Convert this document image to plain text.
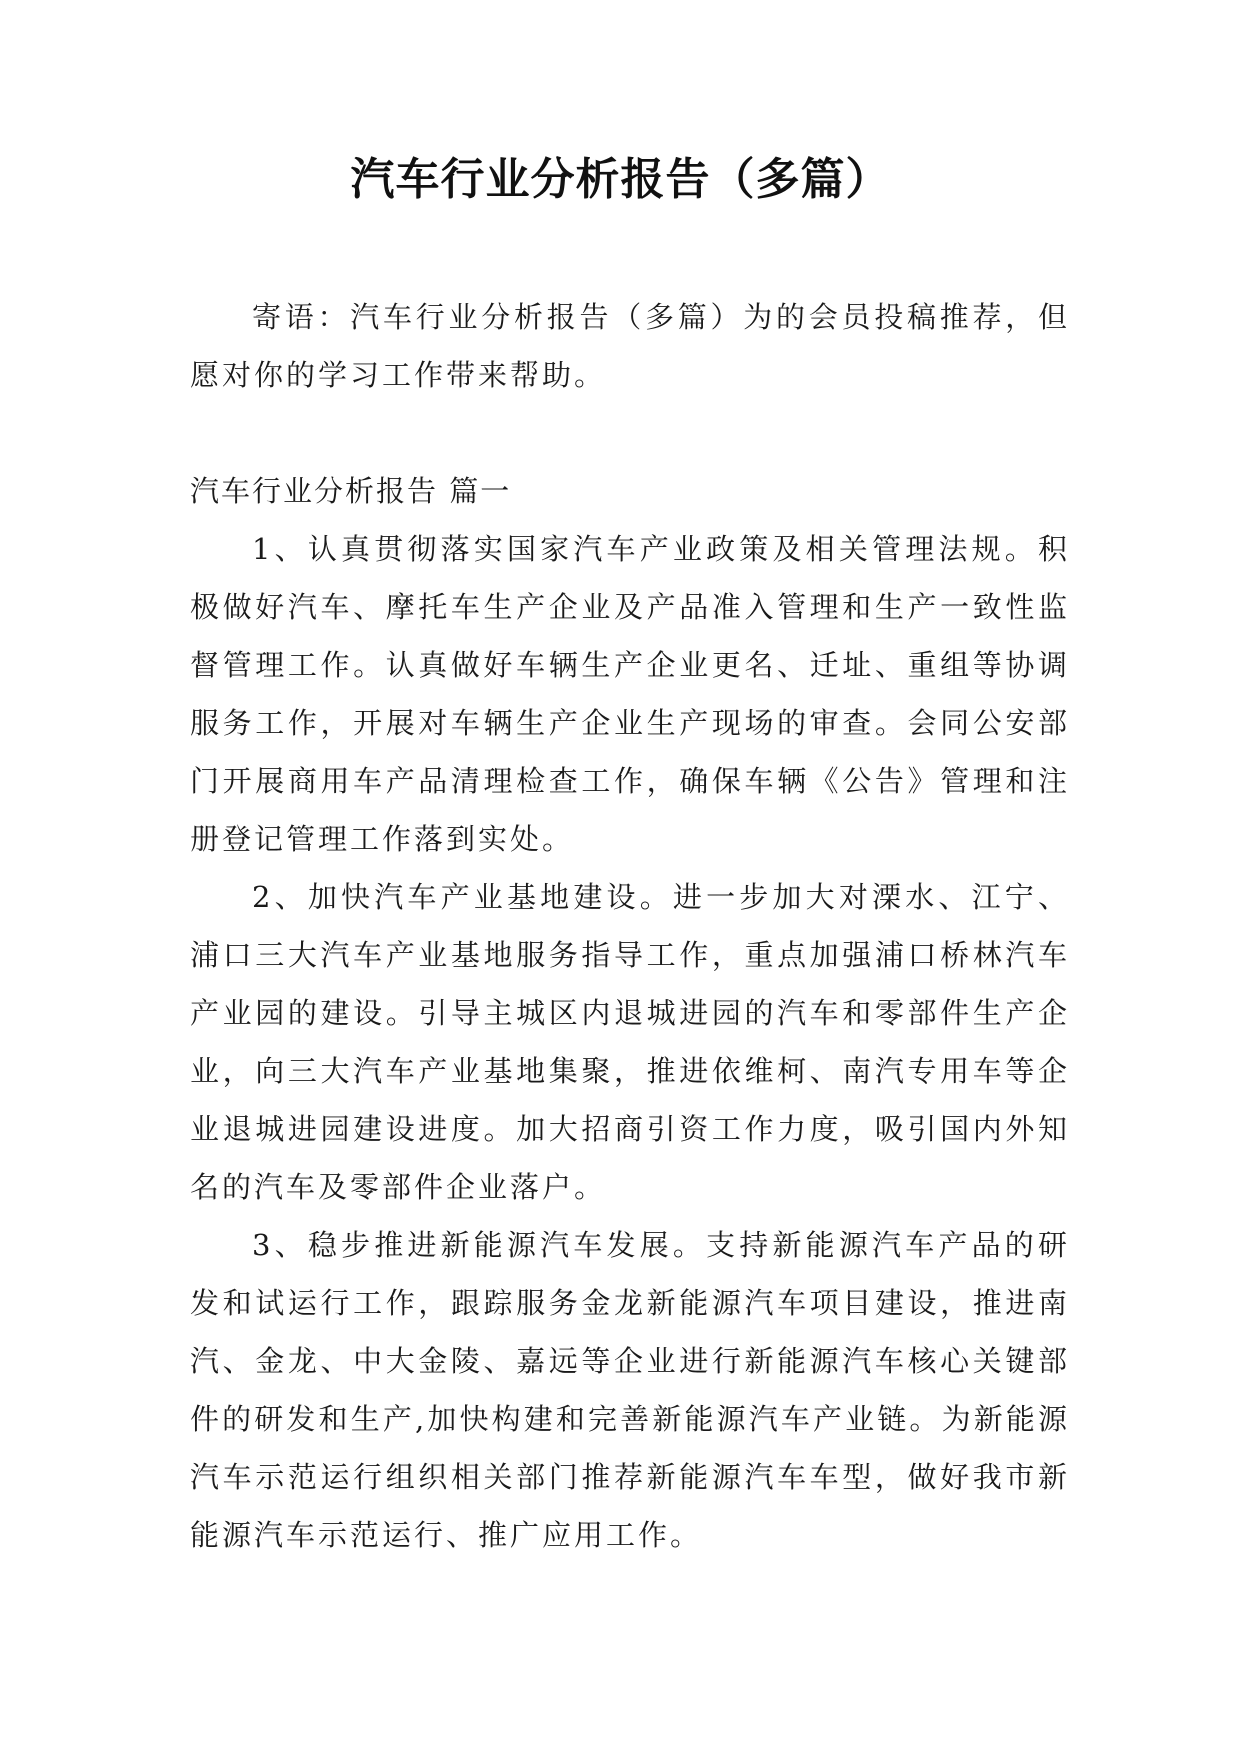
汽车行业分析报告（多篇）
寄语：汽车行业分析报告（多篇）为的会员投稿推荐，但愿对你的学习工作带来帮助。
汽车行业分析报告 篇一

1、认真贯彻落实国家汽车产业政策及相关管理法规。积极做好汽车、摩托车生产企业及产品准入管理和生产一致性监督管理工作。认真做好车辆生产企业更名、迁址、重组等协调服务工作，开展对车辆生产企业生产现场的审查。会同公安部门开展商用车产品清理检查工作，确保车辆《公告》管理和注册登记管理工作落到实处。

2、加快汽车产业基地建设。进一步加大对溧水、江宁、浦口三大汽车产业基地服务指导工作，重点加强浦口桥林汽车产业园的建设。引导主城区内退城进园的汽车和零部件生产企业，向三大汽车产业基地集聚，推进依维柯、南汽专用车等企业退城进园建设进度。加大招商引资工作力度，吸引国内外知名的汽车及零部件企业落户。

3、稳步推进新能源汽车发展。支持新能源汽车产品的研发和试运行工作，跟踪服务金龙新能源汽车项目建设，推进南汽、金龙、中大金陵、嘉远等企业进行新能源汽车核心关键部件的研发和生产,加快构建和完善新能源汽车产业链。为新能源汽车示范运行组织相关部门推荐新能源汽车车型，做好我市新能源汽车示范运行、推广应用工作。
